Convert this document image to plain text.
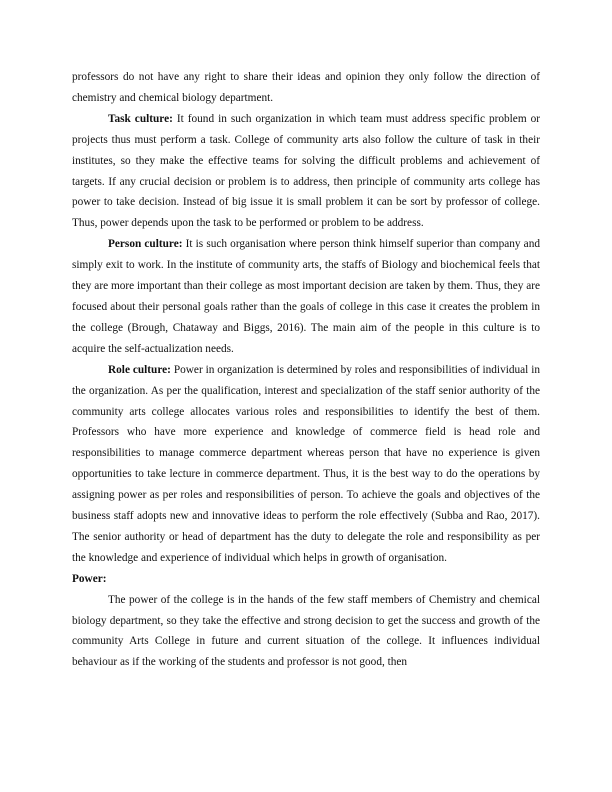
professors do not have any right to share their ideas and opinion they only follow the direction of chemistry and chemical biology department.

Task culture: It found in such organization in which team must address specific problem or projects thus must perform a task. College of community arts also follow the culture of task in their institutes, so they make the effective teams for solving the difficult problems and achievement of targets. If any crucial decision or problem is to address, then principle of community arts college has power to take decision. Instead of big issue it is small problem it can be sort by professor of college. Thus, power depends upon the task to be performed or problem to be address.

Person culture: It is such organisation where person think himself superior than company and simply exit to work. In the institute of community arts, the staffs of Biology and biochemical feels that they are more important than their college as most important decision are taken by them. Thus, they are focused about their personal goals rather than the goals of college in this case it creates the problem in the college (Brough, Chataway and Biggs, 2016). The main aim of the people in this culture is to acquire the self-actualization needs.

Role culture: Power in organization is determined by roles and responsibilities of individual in the organization. As per the qualification, interest and specialization of the staff senior authority of the community arts college allocates various roles and responsibilities to identify the best of them. Professors who have more experience and knowledge of commerce field is head role and responsibilities to manage commerce department whereas person that have no experience is given opportunities to take lecture in commerce department. Thus, it is the best way to do the operations by assigning power as per roles and responsibilities of person. To achieve the goals and objectives of the business staff adopts new and innovative ideas to perform the role effectively (Subba and Rao, 2017). The senior authority or head of department has the duty to delegate the role and responsibility as per the knowledge and experience of individual which helps in growth of organisation.

Power:

The power of the college is in the hands of the few staff members of Chemistry and chemical biology department, so they take the effective and strong decision to get the success and growth of the community Arts College in future and current situation of the college. It influences individual behaviour as if the working of the students and professor is not good, then
